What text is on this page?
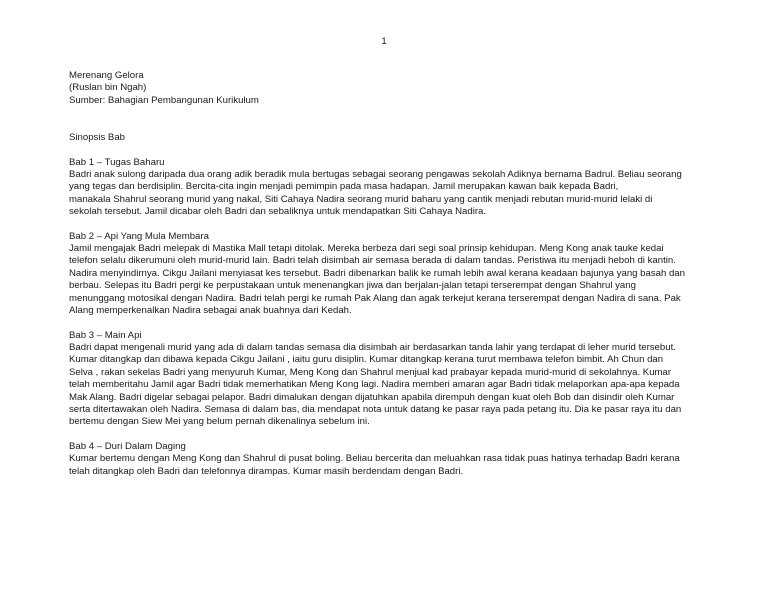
1
Merenang Gelora
(Ruslan bin Ngah)
Sumber: Bahagian Pembangunan Kurikulum
Sinopsis Bab
Bab 1 – Tugas Baharu
Badri anak sulong daripada dua orang adik beradik mula bertugas sebagai seorang pengawas sekolah Adiknya bernama Badrul. Beliau seorang
yang tegas dan berdisiplin. Bercita-cita ingin menjadi pemimpin pada masa hadapan. Jamil merupakan kawan baik kepada Badri,
manakala Shahrul seorang murid yang nakal, Siti Cahaya Nadira seorang murid baharu yang cantik menjadi rebutan murid-murid lelaki di
sekolah tersebut. Jamil dicabar oleh Badri dan sebaliknya untuk mendapatkan Siti Cahaya Nadira.
Bab 2 – Api Yang Mula Membara
Jamil mengajak Badri melepak di Mastika Mall tetapi ditolak. Mereka berbeza dari segi soal prinsip kehidupan. Meng Kong anak tauke kedai
telefon selalu dikerumuni oleh murid-murid lain. Badri telah disimbah air semasa berada di dalam tandas. Peristiwa itu menjadi heboh di kantin.
Nadira menyindirnya. Cikgu Jailani menyiasat kes tersebut. Badri dibenarkan balik ke rumah lebih awal kerana keadaan bajunya yang basah dan
berbau. Selepas itu Badri pergi ke perpustakaan untuk menenangkan jiwa dan berjalan-jalan tetapi terserempat dengan Shahrul yang
menunggang motosikal dengan Nadira. Badri telah pergi ke rumah Pak Alang dan agak terkejut kerana terserempat dengan Nadira di sana. Pak
Alang memperkenalkan Nadira sebagai anak buahnya dari Kedah.
Bab 3 – Main Api
Badri dapat mengenali murid yang ada di dalam tandas semasa dia disimbah air berdasarkan tanda lahir yang terdapat di leher murid tersebut.
Kumar ditangkap dan dibawa kepada Cikgu Jailani , iaitu guru disiplin. Kumar ditangkap kerana turut membawa telefon bimbit. Ah Chun dan
Selva , rakan sekelas Badri yang menyuruh Kumar, Meng Kong dan Shahrul menjual kad prabayar kepada murid-murid di sekolahnya. Kumar
telah memberitahu Jamil agar Badri tidak memerhatikan Meng Kong lagi. Nadira memberi amaran agar Badri tidak melaporkan apa-apa kepada
Mak Alang. Badri digelar sebagai pelapor. Badri dimalukan dengan dijatuhkan apabila dirempuh dengan kuat oleh Bob dan disindir oleh Kumar
serta ditertawakan oleh Nadira. Semasa di dalam bas, dia mendapat nota untuk datang ke pasar raya pada petang itu. Dia ke pasar raya itu dan
bertemu dengan Siew Mei yang belum pernah dikenalinya sebelum ini.
Bab 4 – Duri Dalam Daging
Kumar bertemu dengan Meng Kong dan Shahrul di pusat boling. Beliau bercerita dan meluahkan rasa tidak puas hatinya terhadap Badri kerana
telah ditangkap oleh Badri dan telefonnya dirampas. Kumar masih berdendam dengan Badri.
